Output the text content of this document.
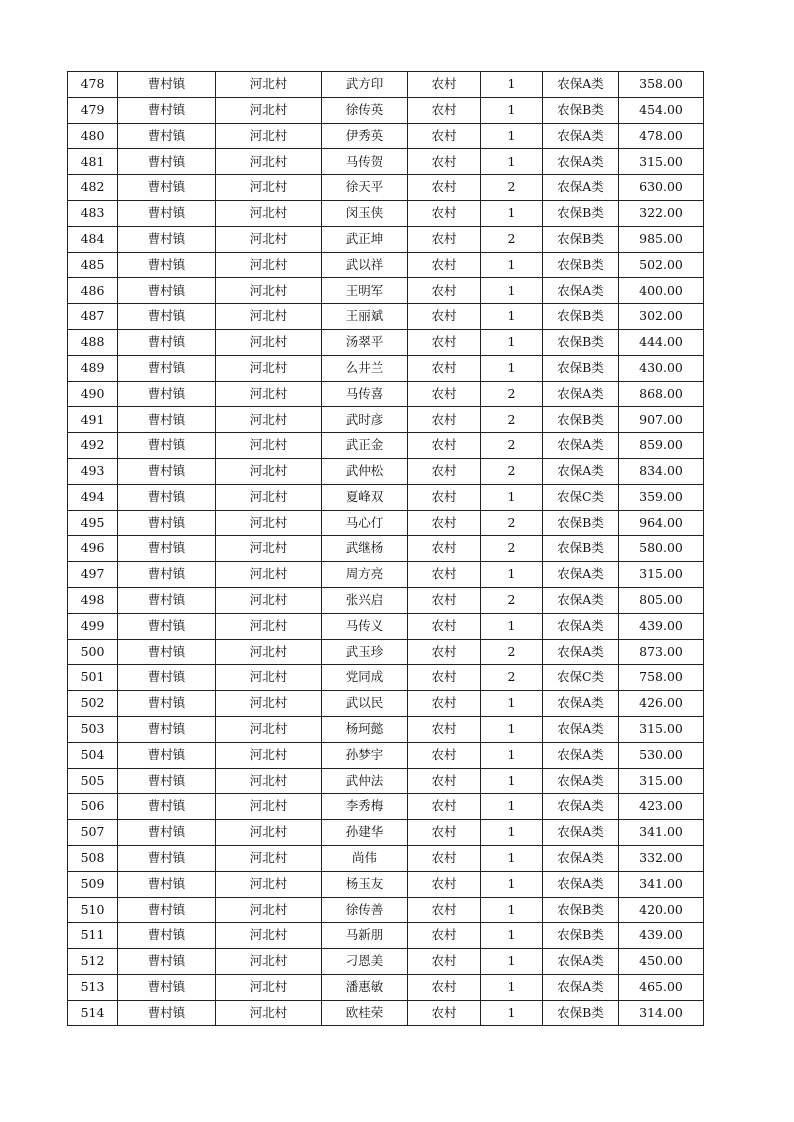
478	曹村镇	河北村	武方印	农村	1	农保A类	358.00
479	曹村镇	河北村	徐传英	农村	1	农保B类	454.00
480	曹村镇	河北村	伊秀英	农村	1	农保A类	478.00
481	曹村镇	河北村	马传贺	农村	1	农保A类	315.00
482	曹村镇	河北村	徐天平	农村	2	农保A类	630.00
483	曹村镇	河北村	闵玉侠	农村	1	农保B类	322.00
484	曹村镇	河北村	武正坤	农村	2	农保B类	985.00
485	曹村镇	河北村	武以祥	农村	1	农保B类	502.00
486	曹村镇	河北村	王明军	农村	1	农保A类	400.00
487	曹村镇	河北村	王丽斌	农村	1	农保B类	302.00
488	曹村镇	河北村	汤翠平	农村	1	农保B类	444.00
489	曹村镇	河北村	么井兰	农村	1	农保B类	430.00
490	曹村镇	河北村	马传喜	农村	2	农保A类	868.00
491	曹村镇	河北村	武时彦	农村	2	农保B类	907.00
492	曹村镇	河北村	武正金	农村	2	农保A类	859.00
493	曹村镇	河北村	武仲松	农村	2	农保A类	834.00
494	曹村镇	河北村	夏峰双	农村	1	农保C类	359.00
495	曹村镇	河北村	马心仃	农村	2	农保B类	964.00
496	曹村镇	河北村	武继杨	农村	2	农保B类	580.00
497	曹村镇	河北村	周方亮	农村	1	农保A类	315.00
498	曹村镇	河北村	张兴启	农村	2	农保A类	805.00
499	曹村镇	河北村	马传义	农村	1	农保A类	439.00
500	曹村镇	河北村	武玉珍	农村	2	农保A类	873.00
501	曹村镇	河北村	党同成	农村	2	农保C类	758.00
502	曹村镇	河北村	武以民	农村	1	农保A类	426.00
503	曹村镇	河北村	杨珂懿	农村	1	农保A类	315.00
504	曹村镇	河北村	孙梦宇	农村	1	农保A类	530.00
505	曹村镇	河北村	武仲法	农村	1	农保A类	315.00
506	曹村镇	河北村	李秀梅	农村	1	农保A类	423.00
507	曹村镇	河北村	孙建华	农村	1	农保A类	341.00
508	曹村镇	河北村	尚伟	农村	1	农保A类	332.00
509	曹村镇	河北村	杨玉友	农村	1	农保A类	341.00
510	曹村镇	河北村	徐传善	农村	1	农保B类	420.00
511	曹村镇	河北村	马新朋	农村	1	农保B类	439.00
512	曹村镇	河北村	刁恩美	农村	1	农保A类	450.00
513	曹村镇	河北村	潘惠敏	农村	1	农保A类	465.00
514	曹村镇	河北村	欧桂荣	农村	1	农保B类	314.00
